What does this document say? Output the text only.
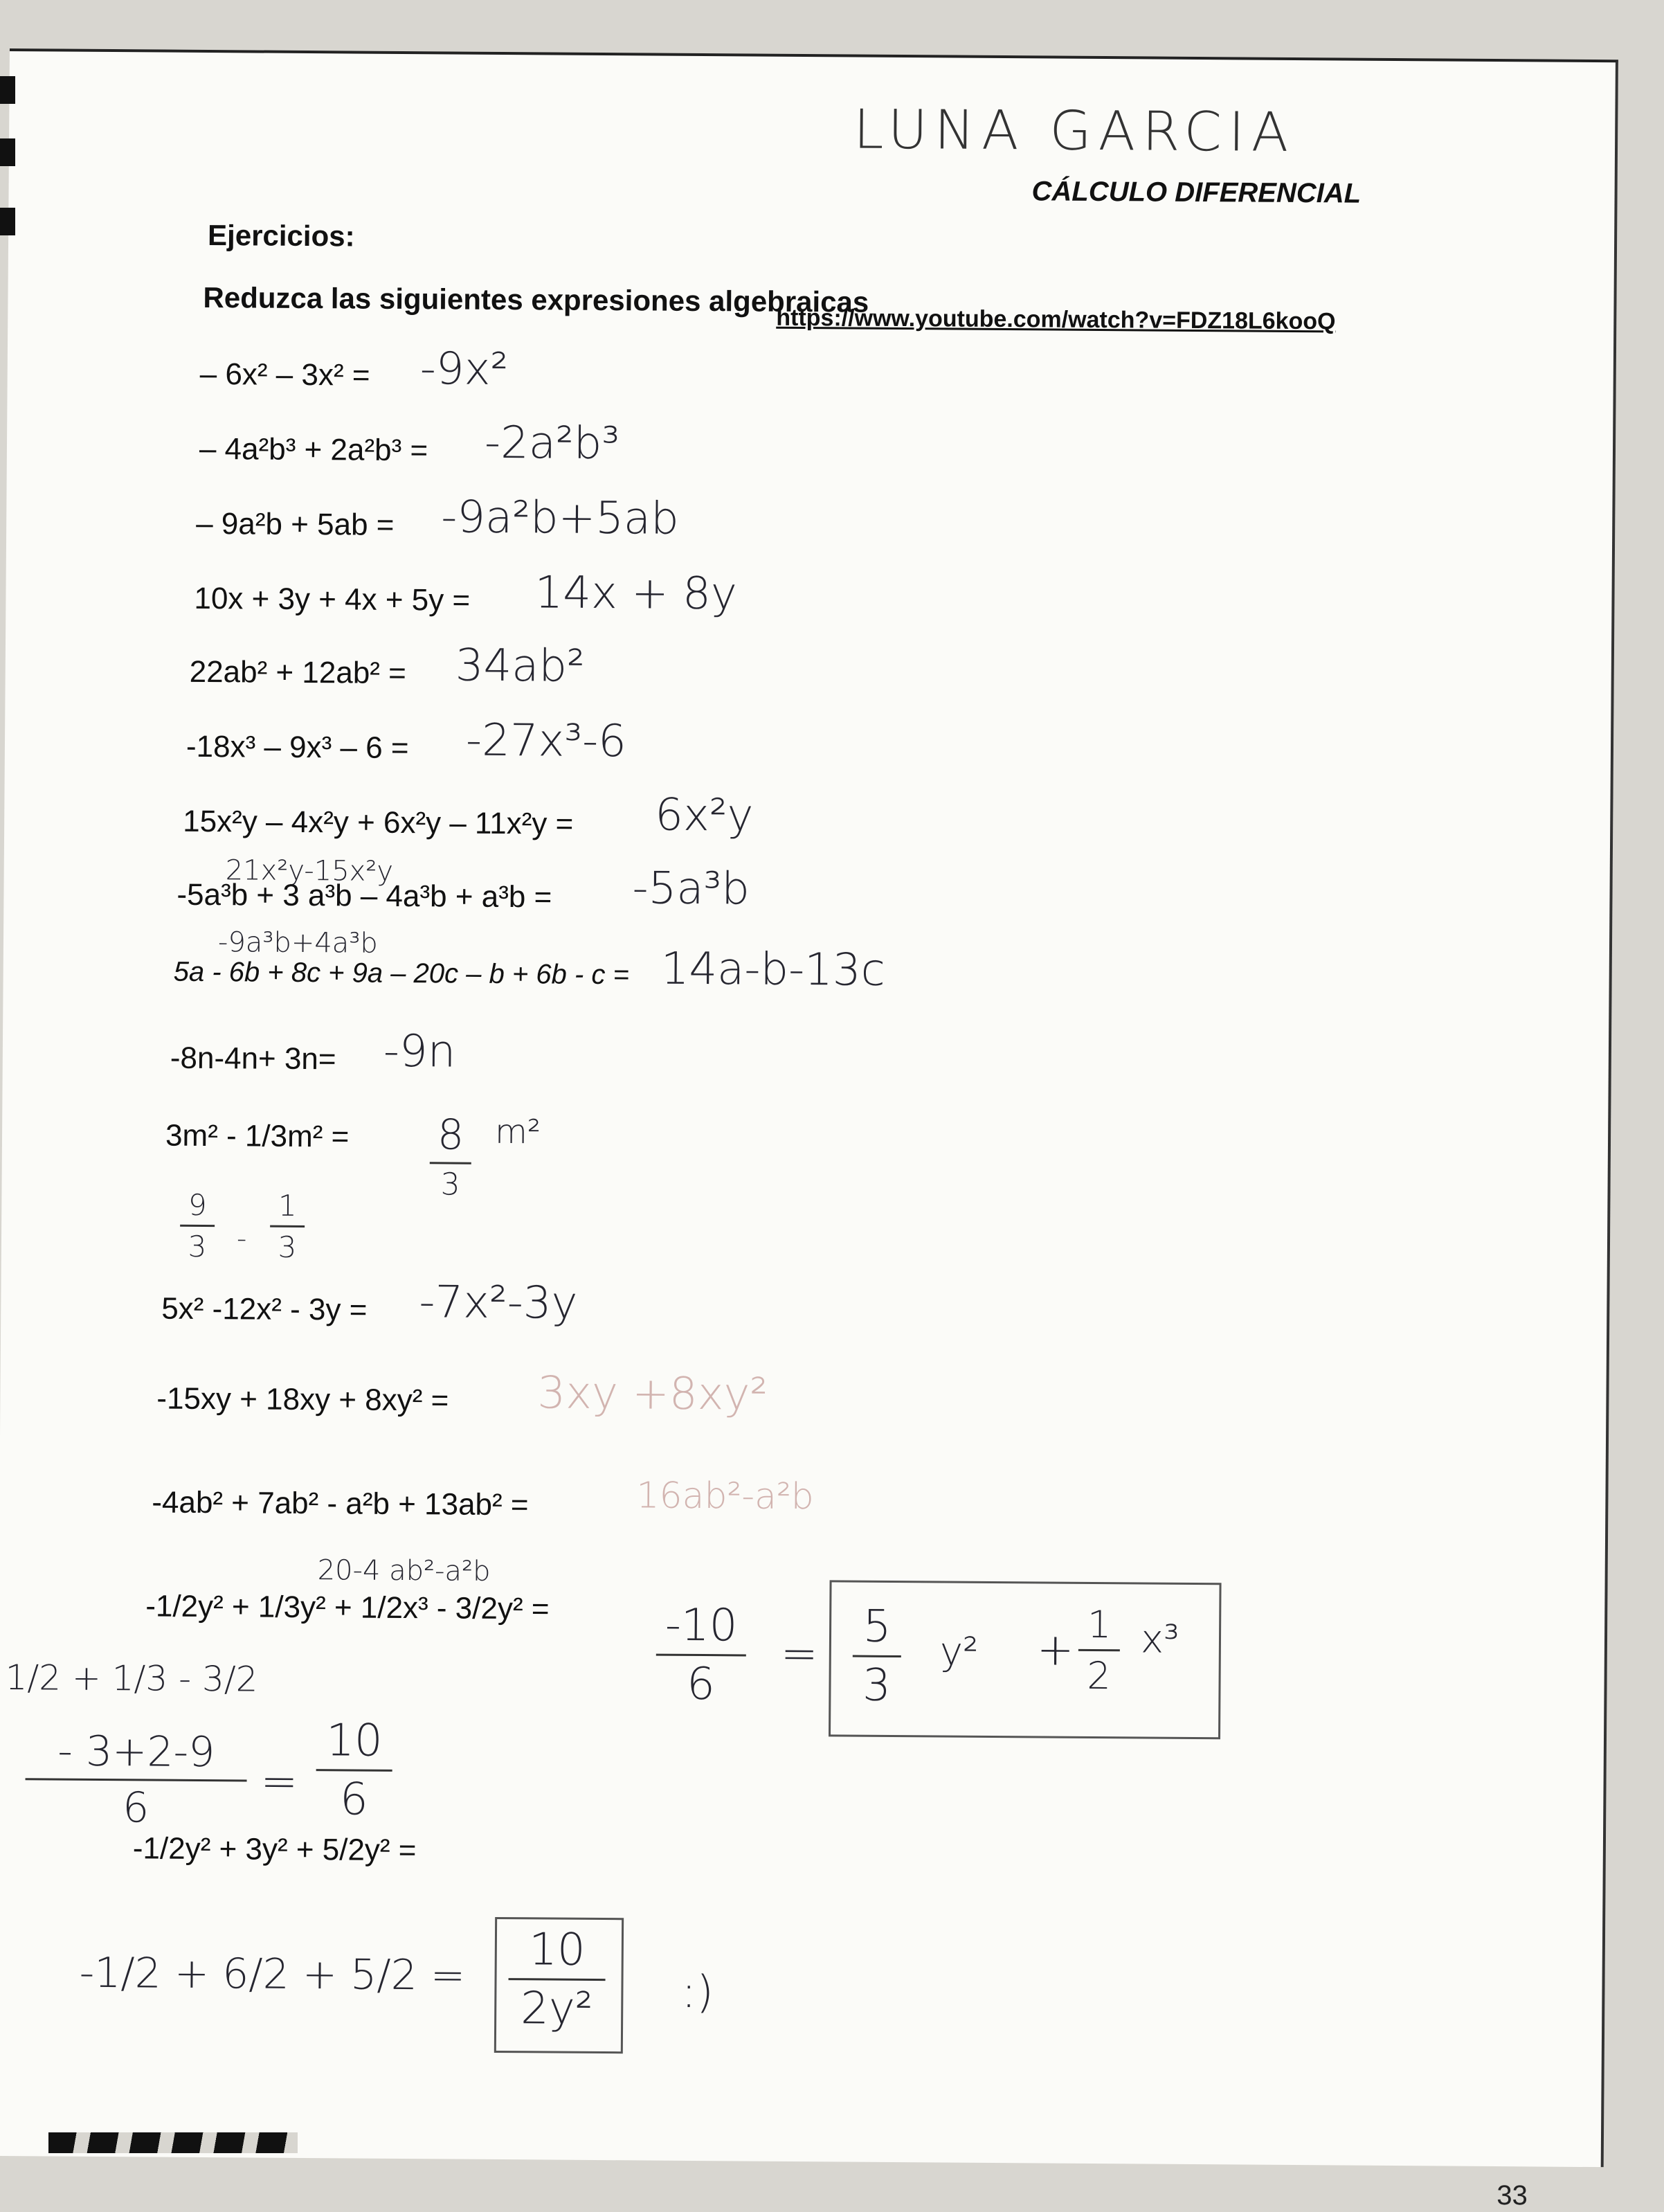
LUNA GARCIA
CÁLCULO DIFERENCIAL
Ejercicios:
https://www.youtube.com/watch?v=FDZ18L6kooQ
Reduzca las siguientes expresiones algebraicas
– 6x² – 3x² = -9x²
– 4a²b³ + 2a²b³ = -2a²b³
– 9a²b + 5ab = -9a²b+5ab
10x + 3y + 4x + 5y = 14x + 8y
22ab² + 12ab² = 34ab²
-18x³ – 9x³ – 6 = -27x³-6
15x²y – 4x²y + 6x²y – 11x²y = 6x²y
21x²y-15x²y
-5a³b + 3 a³b – 4a³b + a³b = -5a³b
-9a³b+4a³b
5a - 6b + 8c + 9a – 20c – b + 6b - c = 14a-b-13c
-8n-4n+ 3n= -9n
3m² - 1/3m² = 8
3
m²
9
3 -
1
3
5x² -12x² - 3y = -7x²-3y
-15xy + 18xy + 8xy² = 3xy +8xy²
-4ab² + 7ab² - a²b + 13ab² =	16ab²-a²b
20-4 ab²-a²b
-1/2y² + 1/3y² + 1/2x³ - 3/2y² =	-10
6
=
5
3
y² + 1
2
x³
1/2 + 1/3 - 3/2
- 3+2-9
6
=
10
6
-1/2y² + 3y² + 5/2y² =
-1/2 + 6/2 + 5/2 =	10
2y² :)
33
